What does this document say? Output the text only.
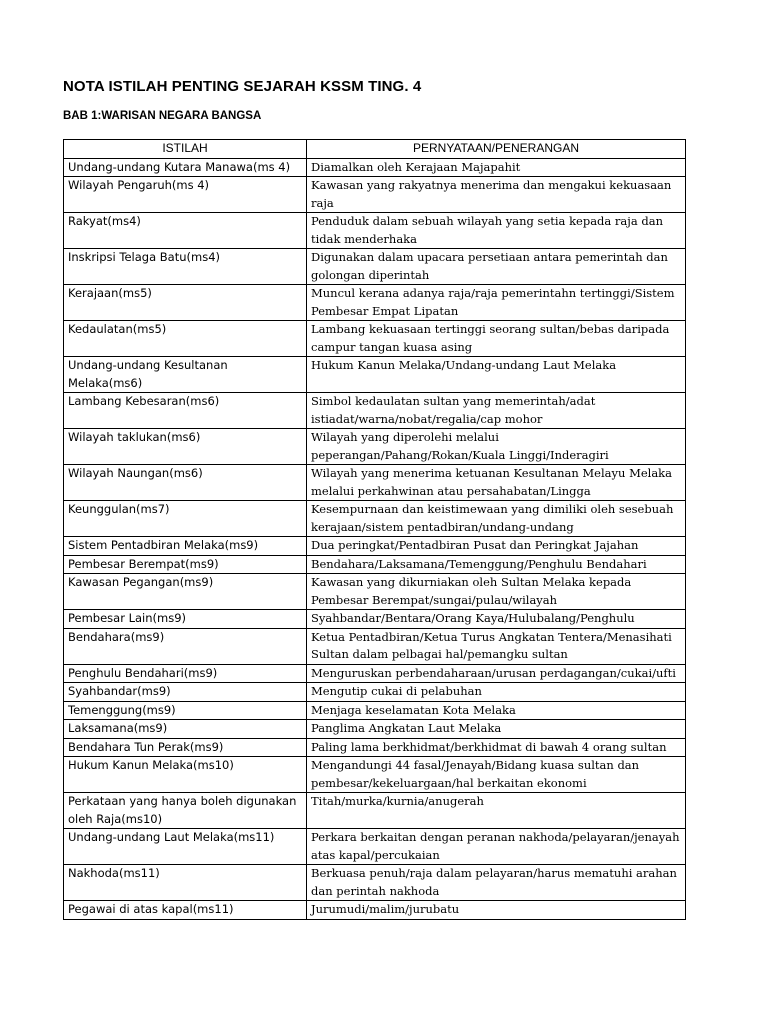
NOTA ISTILAH PENTING SEJARAH KSSM TING. 4
BAB 1:WARISAN NEGARA BANGSA
ISTILAH	PERNYATAAN/PENERANGAN
Undang-undang Kutara Manawa(ms 4)	Diamalkan oleh Kerajaan Majapahit
Wilayah Pengaruh(ms 4)	Kawasan yang rakyatnya menerima dan mengakui kekuasaan raja
Rakyat(ms4)	Penduduk dalam sebuah wilayah yang setia kepada raja dan tidak menderhaka
Inskripsi Telaga Batu(ms4)	Digunakan dalam upacara persetiaan antara pemerintah dan golongan diperintah
Kerajaan(ms5)	Muncul kerana adanya raja/raja pemerintahn tertinggi/Sistem Pembesar Empat Lipatan
Kedaulatan(ms5)	Lambang kekuasaan tertinggi seorang sultan/bebas daripada campur tangan kuasa asing
Undang-undang Kesultanan Melaka(ms6)	Hukum Kanun Melaka/Undang-undang Laut Melaka
Lambang Kebesaran(ms6)	Simbol kedaulatan sultan yang memerintah/adat istiadat/warna/nobat/regalia/cap mohor
Wilayah taklukan(ms6)	Wilayah yang diperolehi melalui peperangan/Pahang/Rokan/Kuala Linggi/Inderagiri
Wilayah Naungan(ms6)	Wilayah yang menerima ketuanan Kesultanan Melayu Melaka melalui perkahwinan atau persahabatan/Lingga
Keunggulan(ms7)	Kesempurnaan dan keistimewaan yang dimiliki oleh sesebuah kerajaan/sistem pentadbiran/undang-undang
Sistem Pentadbiran Melaka(ms9)	Dua peringkat/Pentadbiran Pusat dan Peringkat Jajahan
Pembesar Berempat(ms9)	Bendahara/Laksamana/Temenggung/Penghulu Bendahari
Kawasan Pegangan(ms9)	Kawasan yang dikurniakan oleh Sultan Melaka kepada Pembesar Berempat/sungai/pulau/wilayah
Pembesar Lain(ms9)	Syahbandar/Bentara/Orang Kaya/Hulubalang/Penghulu
Bendahara(ms9)	Ketua Pentadbiran/Ketua Turus Angkatan Tentera/Menasihati Sultan dalam pelbagai hal/pemangku sultan
Penghulu Bendahari(ms9)	Menguruskan perbendaharaan/urusan perdagangan/cukai/ufti
Syahbandar(ms9)	Mengutip cukai di pelabuhan
Temenggung(ms9)	Menjaga keselamatan Kota Melaka
Laksamana(ms9)	Panglima Angkatan Laut Melaka
Bendahara Tun Perak(ms9)	Paling lama berkhidmat/berkhidmat di bawah 4 orang sultan
Hukum Kanun Melaka(ms10)	Mengandungi 44 fasal/Jenayah/Bidang kuasa sultan dan pembesar/kekeluargaan/hal berkaitan ekonomi
Perkataan yang hanya boleh digunakan oleh Raja(ms10)	Titah/murka/kurnia/anugerah
Undang-undang Laut Melaka(ms11)	Perkara berkaitan dengan peranan nakhoda/pelayaran/jenayah atas kapal/percukaian
Nakhoda(ms11)	Berkuasa penuh/raja dalam pelayaran/harus mematuhi arahan dan perintah nakhoda
Pegawai di atas kapal(ms11)	Jurumudi/malim/jurubatu
